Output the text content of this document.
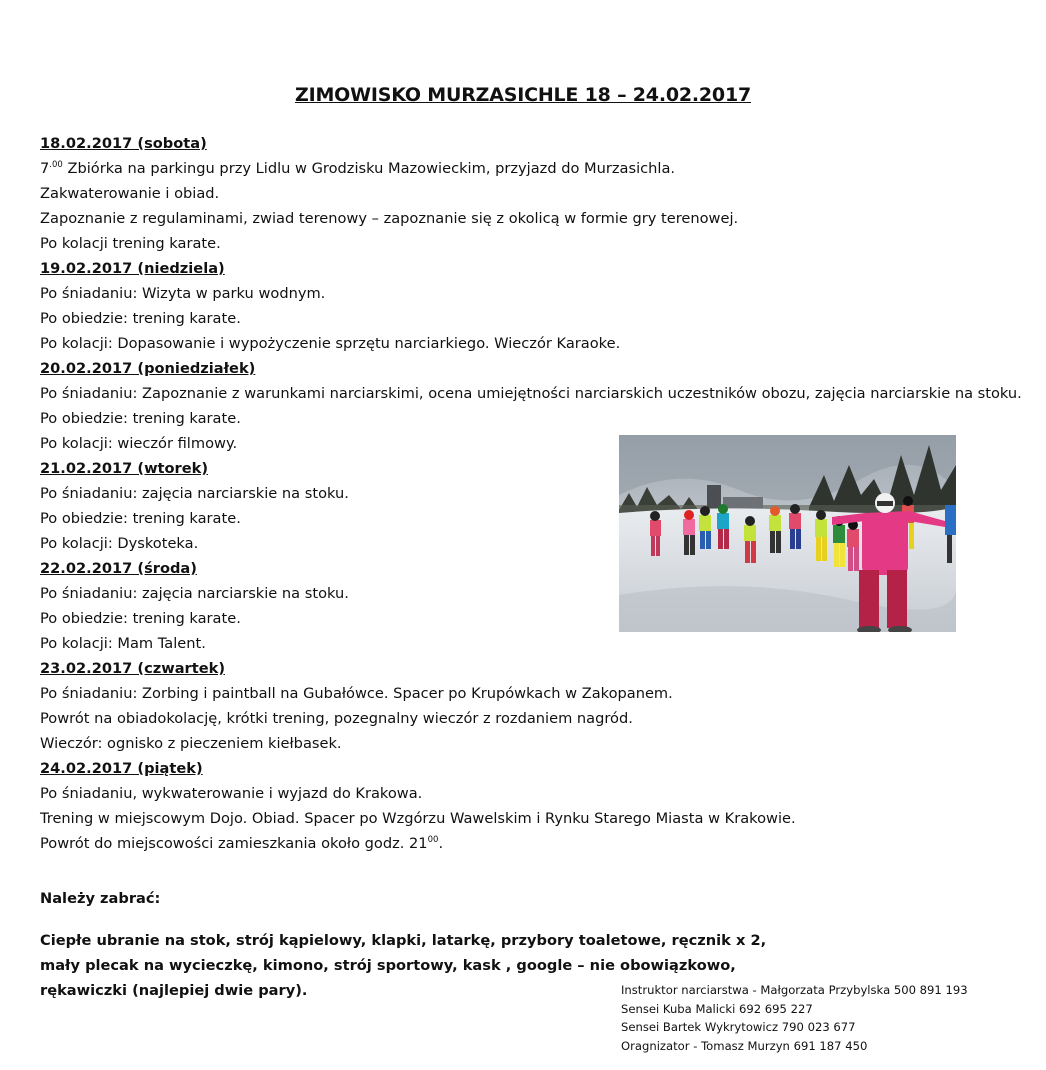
ZIMOWISKO MURZASICHLE 18 – 24.02.2017
18.02.2017 (sobota)
$7^{.00}$ Zbiórka na parkingu przy Lidlu w Grodzisku Mazowieckim, przyjazd do Murzasichla.
Zakwaterowanie i obiad.
Zapoznanie z regulaminami, zwiad terenowy – zapoznanie się z okolicą w formie gry terenowej.
Po kolacji trening karate.
19.02.2017 (niedziela)
Po śniadaniu: Wizyta w parku wodnym.
Po obiedzie: trening karate.
Po kolacji: Dopasowanie i wypożyczenie sprzętu narciarkiego. Wieczór Karaoke.
20.02.2017 (poniedziałek)
Po śniadaniu: Zapoznanie z warunkami narciarskimi, ocena umiejętności narciarskich uczestników obozu, zajęcia narciarskie na stoku.
Po obiedzie: trening karate.
Po kolacji: wieczór filmowy.
21.02.2017 (wtorek)
Po śniadaniu: zajęcia narciarskie na stoku.
Po obiedzie: trening karate.
Po kolacji: Dyskoteka.
22.02.2017 (środa)
Po śniadaniu: zajęcia narciarskie na stoku.
Po obiedzie: trening karate.
Po kolacji: Mam Talent.
23.02.2017 (czwartek)
Po śniadaniu: Zorbing i paintball na Gubałówce. Spacer po Krupówkach w Zakopanem.
Powrót na obiadokolację, krótki trening, pozegnalny wieczór z rozdaniem nagród.
Wieczór: ognisko z pieczeniem kiełbasek.
24.02.2017 (piątek)
Po śniadaniu, wykwaterowanie i wyjazd do Krakowa.
Trening w miejscowym Dojo. Obiad. Spacer po Wzgórzu Wawelskim i Rynku Starego Miasta w Krakowie.
Powrót do miejscowości zamieszkania około godz. $21^{00}$.
Należy zabrać:
Ciepłe ubranie na stok, strój kąpielowy, klapki, latarkę, przybory toaletowe, ręcznik x 2,
mały plecak na wycieczkę, kimono, strój sportowy, kask , google – nie obowiązkowo,
rękawiczki (najlepiej dwie pary).	Instruktor narciarstwa - Małgorzata Przybylska 500 891 193
Sensei Kuba Malicki 692 695 227
Sensei Bartek Wykrytowicz 790 023 677
Oragnizator - Tomasz Murzyn 691 187 450
